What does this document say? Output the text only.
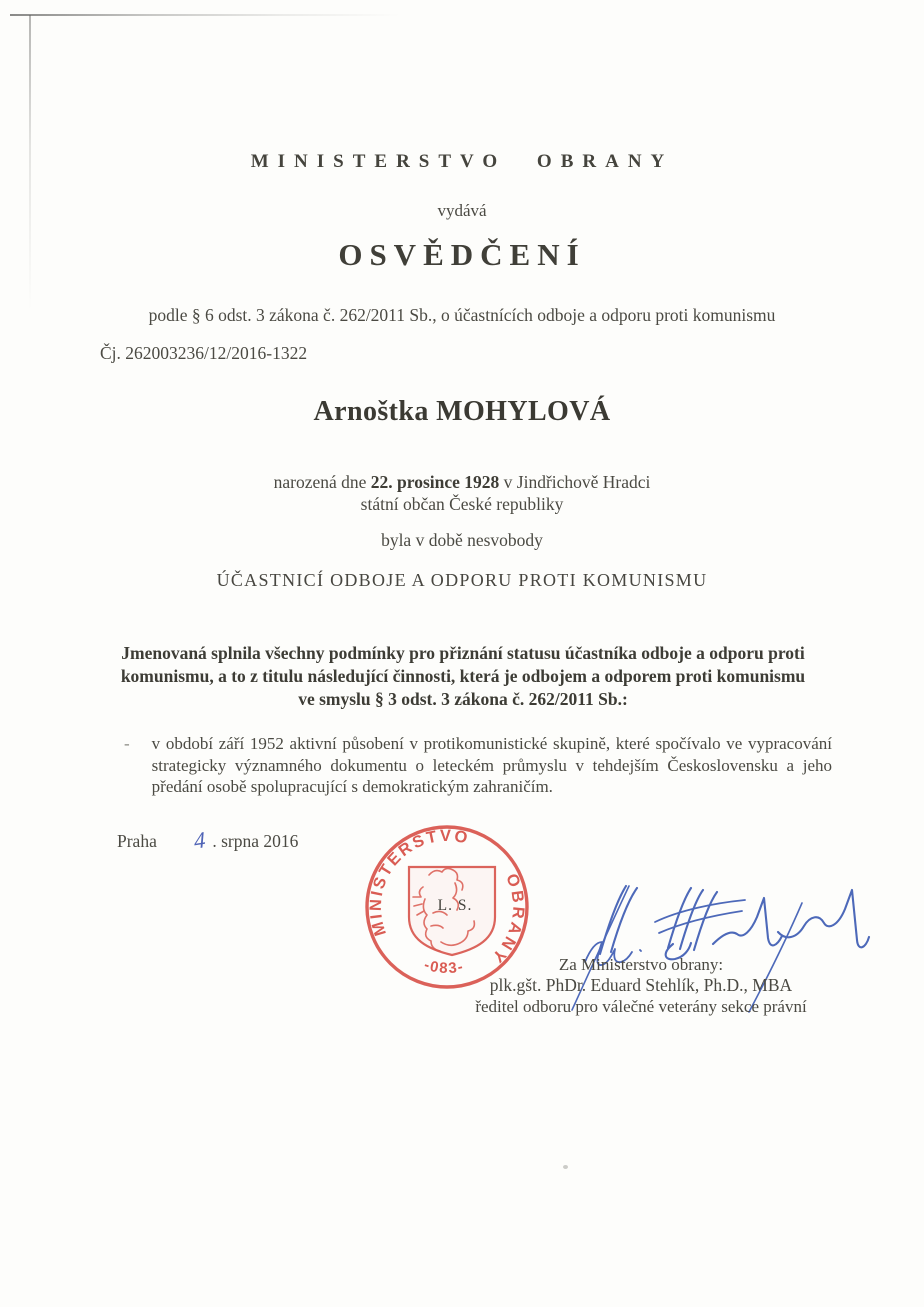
MINISTERSTVO OBRANY
vydává
OSVĚDČENÍ
podle § 6 odst. 3 zákona č. 262/2011 Sb., o účastnících odboje a odporu proti komunismu
Čj. 262003236/12/2016-1322
Arnoštka MOHYLOVÁ
narozená dne 22. prosince 1928 v Jindřichově Hradci
státní občan České republiky
byla v době nesvobody
ÚČASTNICÍ ODBOJE A ODPORU PROTI KOMUNISMU
Jmenovaná splnila všechny podmínky pro přiznání statusu účastníka odboje a odporu proti komunismu, a to z titulu následující činnosti, která je odbojem a odporem proti komunismu ve smyslu § 3 odst. 3 zákona č. 262/2011 Sb.:
- v období září 1952 aktivní působení v protikomunistické skupině, které spočívalo ve vypracování strategicky významného dokumentu o leteckém průmyslu v tehdejším Československu a jeho předání osobě spolupracující s demokratickým zahraničím.
Praha 4 . srpna 2016
MINISTERSTVO
OBRANY
-083-
L. S.
Za Ministerstvo obrany:
plk.gšt. PhDr. Eduard Stehlík, Ph.D., MBA
ředitel odboru pro válečné veterány sekce právní
